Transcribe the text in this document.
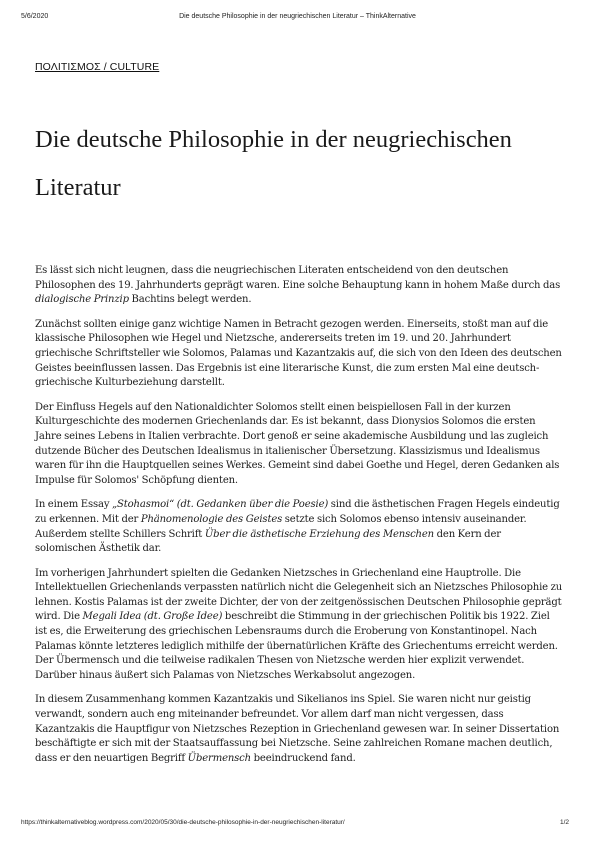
Die deutsche Philosophie in der neugriechischen Literatur – ThinkAlternative
5/6/2020
ΠΟΛΙΤΙΣΜΟΣ / CULTURE
Die deutsche Philosophie in der neugriechischen Literatur

Es lässt sich nicht leugnen, dass die neugriechischen Literaten entscheidend von den deutschen Philosophen des 19. Jahrhunderts geprägt waren. Eine solche Behauptung kann in hohem Maße durch das dialogische Prinzip Bachtins belegt werden.

Zunächst sollten einige ganz wichtige Namen in Betracht gezogen werden. Einerseits, stoßt man auf die klassische Philosophen wie Hegel und Nietzsche, andererseits treten im 19. und 20. Jahrhundert griechische Schriftsteller wie Solomos, Palamas und Kazantzakis auf, die sich von den Ideen des deutschen Geistes beeinflussen lassen. Das Ergebnis ist eine literarische Kunst, die zum ersten Mal eine deutsch-griechische Kulturbeziehung darstellt.

Der Einfluss Hegels auf den Nationaldichter Solomos stellt einen beispiellosen Fall in der kurzen Kulturgeschichte des modernen Griechenlands dar. Es ist bekannt, dass Dionysios Solomos die ersten Jahre seines Lebens in Italien verbrachte. Dort genoß er seine akademische Ausbildung und las zugleich dutzende Bücher des Deutschen Idealismus in italienischer Übersetzung. Klassizismus und Idealismus waren für ihn die Hauptquellen seines Werkes. Gemeint sind dabei Goethe und Hegel, deren Gedanken als Impulse für Solomos' Schöpfung dienten.

In einem Essay „Stohasmoi“ (dt. Gedanken über die Poesie) sind die ästhetischen Fragen Hegels eindeutig zu erkennen. Mit der Phänomenologie des Geistes setzte sich Solomos ebenso intensiv auseinander. Außerdem stellte Schillers Schrift Über die ästhetische Erziehung des Menschen den Kern der solomischen Ästhetik dar.

Im vorherigen Jahrhundert spielten die Gedanken Nietzsches in Griechenland eine Hauptrolle. Die Intellektuellen Griechenlands verpassten natürlich nicht die Gelegenheit sich an Nietzsches Philosophie zu lehnen. Kostis Palamas ist der zweite Dichter, der von der zeitgenössischen Deutschen Philosophie geprägt wird. Die Megali Idea (dt. Große Idee) beschreibt die Stimmung in der griechischen Politik bis 1922. Ziel ist es, die Erweiterung des griechischen Lebensraums durch die Eroberung von Konstantinopel. Nach Palamas könnte letzteres lediglich mithilfe der übernatürlichen Kräfte des Griechentums erreicht werden. Der Übermensch und die teilweise radikalen Thesen von Nietzsche werden hier explizit verwendet. Darüber hinaus äußert sich Palamas von Nietzsches Werkabsolut angezogen.

In diesem Zusammenhang kommen Kazantzakis und Sikelianos ins Spiel. Sie waren nicht nur geistig verwandt, sondern auch eng miteinander befreundet. Vor allem darf man nicht vergessen, dass Kazantzakis die Hauptfigur von Nietzsches Rezeption in Griechenland gewesen war. In seiner Dissertation beschäftigte er sich mit der Staatsauffassung bei Nietzsche. Seine zahlreichen Romane machen deutlich, dass er den neuartigen Begriff Übermensch beeindruckend fand.

https://thinkalternativeblog.wordpress.com/2020/05/30/die-deutsche-philosophie-in-der-neugriechischen-literatur/	1/2
